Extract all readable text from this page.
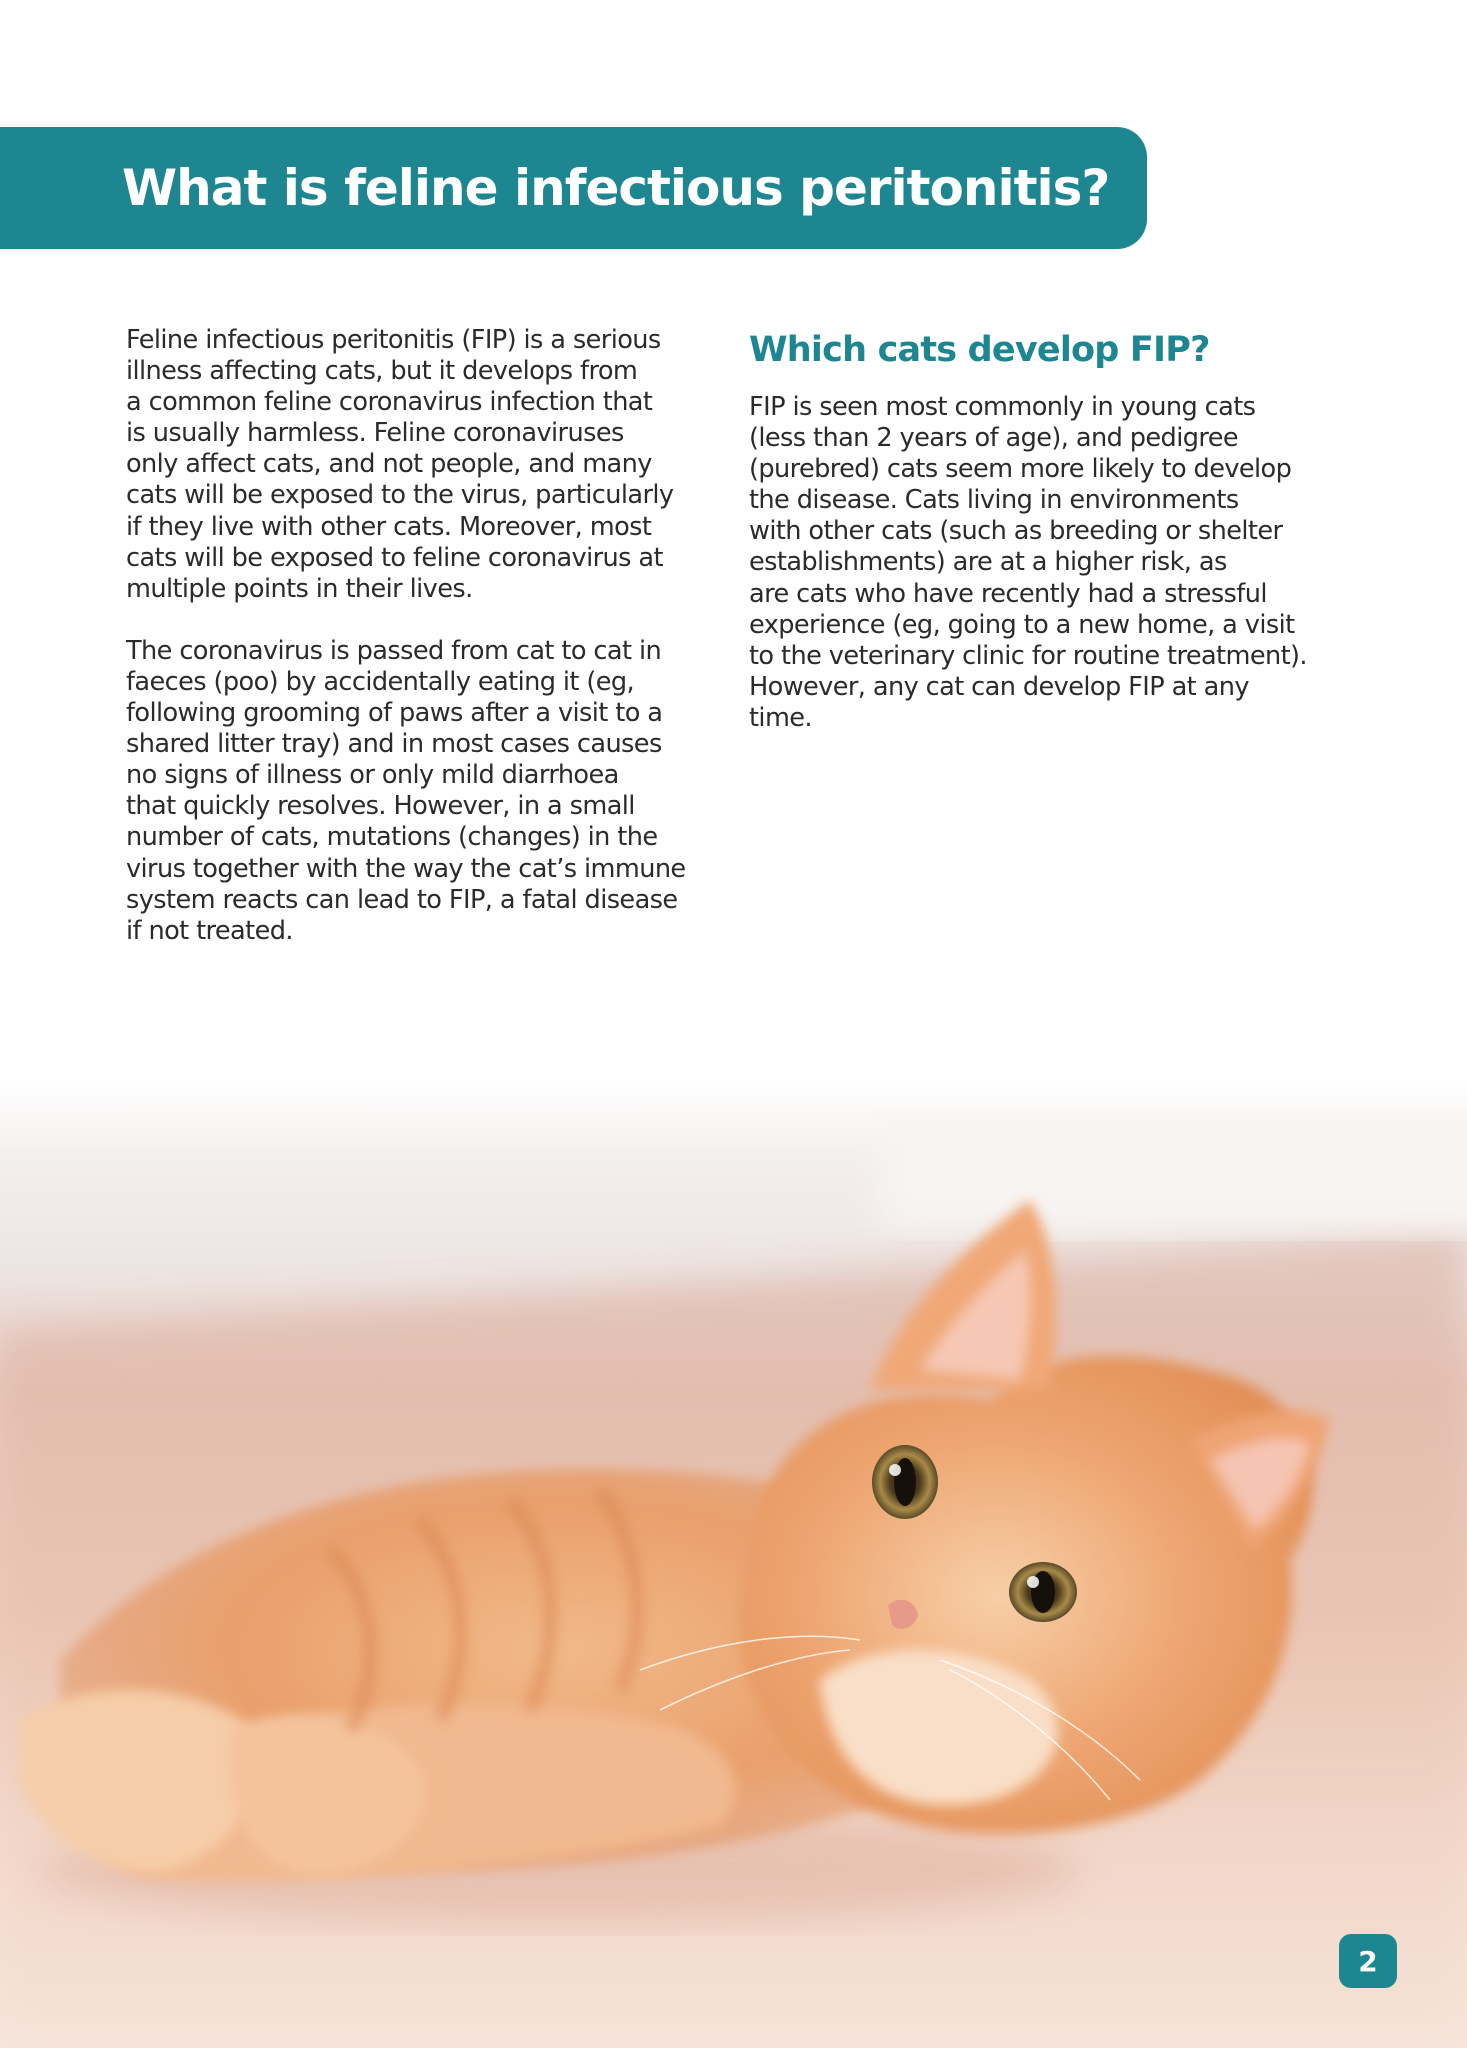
What is feline infectious peritonitis?

Feline infectious peritonitis (FIP) is a serious
illness affecting cats, but it develops from
a common feline coronavirus infection that
is usually harmless. Feline coronaviruses
only affect cats, and not people, and many
cats will be exposed to the virus, particularly
if they live with other cats. Moreover, most
cats will be exposed to feline coronavirus at
multiple points in their lives.

The coronavirus is passed from cat to cat in
faeces (poo) by accidentally eating it (eg,
following grooming of paws after a visit to a
shared litter tray) and in most cases causes
no signs of illness or only mild diarrhoea
that quickly resolves. However, in a small
number of cats, mutations (changes) in the
virus together with the way the cat’s immune
system reacts can lead to FIP, a fatal disease
if not treated.

Which cats develop FIP?

FIP is seen most commonly in young cats
(less than 2 years of age), and pedigree
(purebred) cats seem more likely to develop
the disease. Cats living in environments
with other cats (such as breeding or shelter
establishments) are at a higher risk, as
are cats who have recently had a stressful
experience (eg, going to a new home, a visit
to the veterinary clinic for routine treatment).
However, any cat can develop FIP at any
time.

2
